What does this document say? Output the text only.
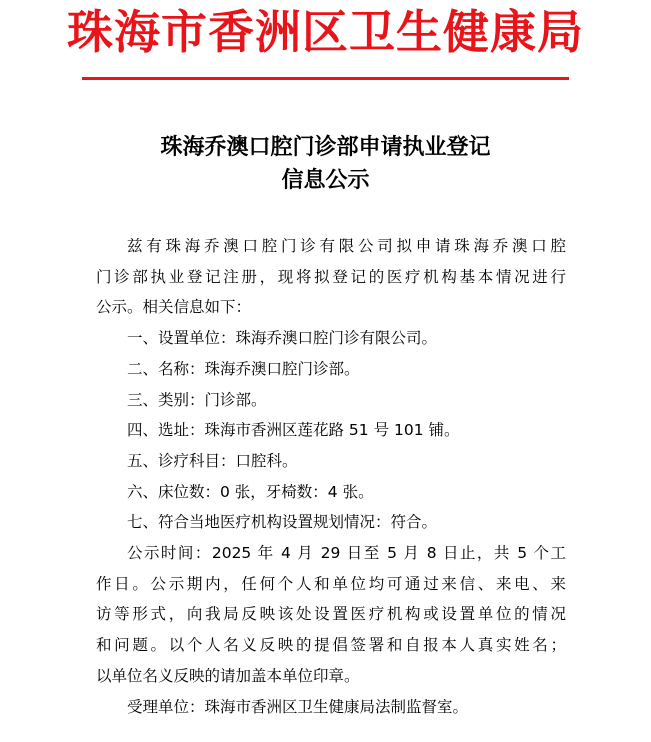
珠海市香洲区卫生健康局
珠海乔澳口腔门诊部申请执业登记
信息公示

兹有珠海乔澳口腔门诊有限公司拟申请珠海乔澳口腔
门诊部执业登记注册，现将拟登记的医疗机构基本情况进行
公示。相关信息如下：

一、设置单位：珠海乔澳口腔门诊有限公司。
二、名称：珠海乔澳口腔门诊部。
三、类别：门诊部。
四、选址：珠海市香洲区莲花路 51 号 101 铺。
五、诊疗科目：口腔科。
六、床位数：0 张，牙椅数：4 张。
七、符合当地医疗机构设置规划情况：符合。

公示时间：2025 年 4 月 29 日至 5 月 8 日止，共 5 个工
作日。公示期内，任何个人和单位均可通过来信、来电、来
访等形式，向我局反映该处设置医疗机构或设置单位的情况
和问题。以个人名义反映的提倡签署和自报本人真实姓名；
以单位名义反映的请加盖本单位印章。

受理单位：珠海市香洲区卫生健康局法制监督室。
